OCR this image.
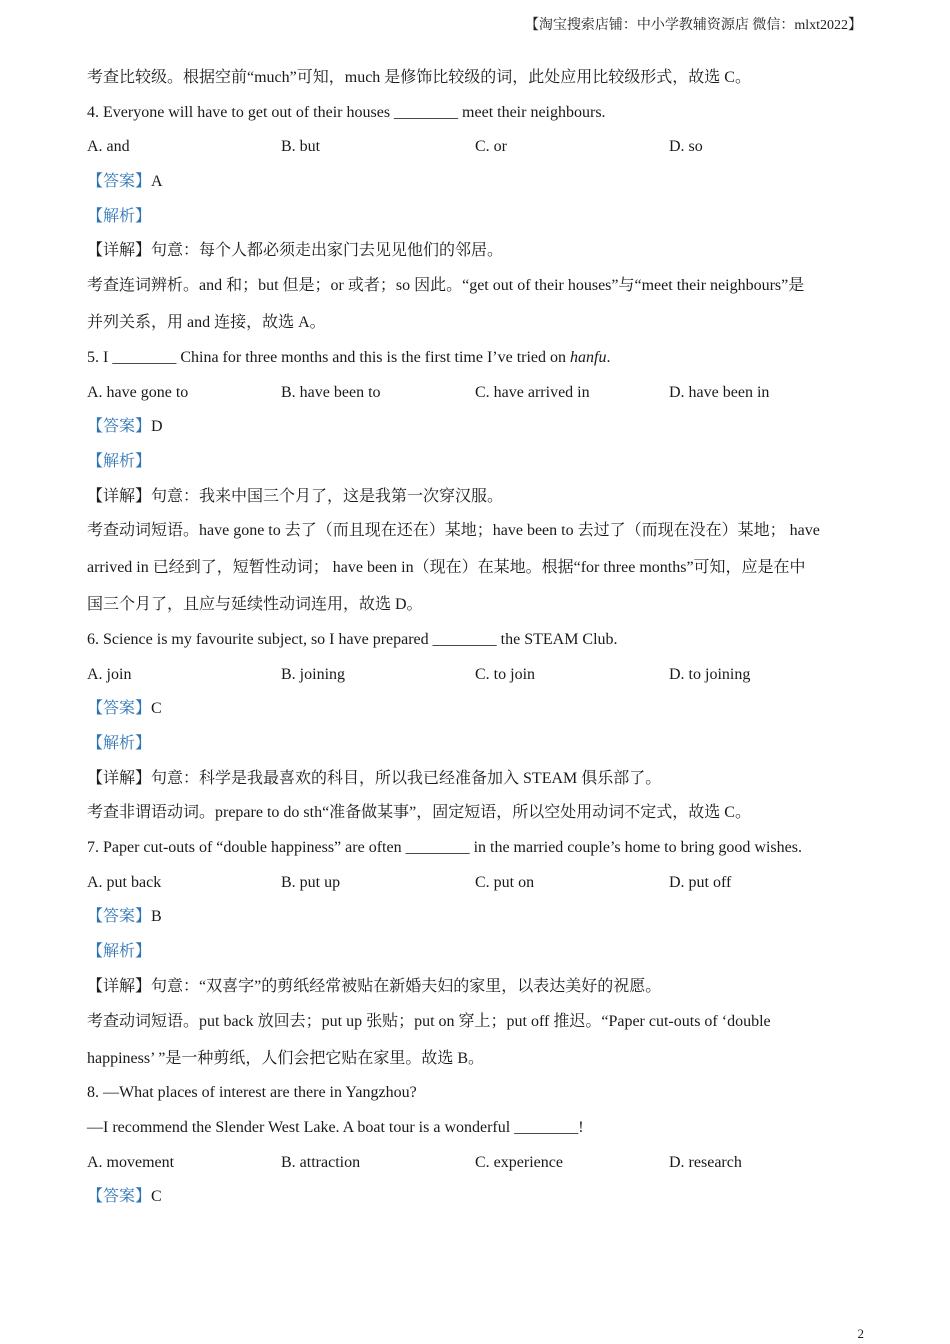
【淘宝搜索店铺：中小学教辅资源店 微信：mlxt2022】
考查比较级。根据空前“much”可知，much 是修饰比较级的词，此处应用比较级形式，故选 C。
4. Everyone will have to get out of their houses ________ meet their neighbours.
A. and	B. but	C. or	D. so
【答案】A
【解析】
【详解】句意：每个人都必须走出家门去见见他们的邻居。
考查连词辨析。and 和；but 但是；or 或者；so 因此。“get out of their houses”与“meet their neighbours”是
并列关系，用 and 连接，故选 A。
5. I ________ China for three months and this is the first time I’ve tried on hanfu.
A. have gone to	B. have been to	C. have arrived in	D. have been in
【答案】D
【解析】
【详解】句意：我来中国三个月了，这是我第一次穿汉服。
考查动词短语。have gone to 去了（而且现在还在）某地；have been to 去过了（而现在没在）某地； have
arrived in 已经到了，短暂性动词； have been in（现在）在某地。根据“for three months”可知，应是在中
国三个月了，且应与延续性动词连用，故选 D。
6. Science is my favourite subject, so I have prepared ________ the STEAM Club.
A. join	B. joining	C. to join	D. to joining
【答案】C
【解析】
【详解】句意：科学是我最喜欢的科目，所以我已经准备加入 STEAM 俱乐部了。
考查非谓语动词。prepare to do sth“准备做某事”，固定短语，所以空处用动词不定式，故选 C。
7. Paper cut-outs of “double happiness” are often ________ in the married couple’s home to bring good wishes.
A. put back	B. put up	C. put on	D. put off
【答案】B
【解析】
【详解】句意：“双喜字”的剪纸经常被贴在新婚夫妇的家里，以表达美好的祝愿。
考查动词短语。put back 放回去；put up 张贴；put on 穿上；put off 推迟。“Paper cut-outs of ‘double
happiness’ ”是一种剪纸，人们会把它贴在家里。故选 B。
8. —What places of interest are there in Yangzhou?
—I recommend the Slender West Lake. A boat tour is a wonderful ________!
A. movement	B. attraction	C. experience	D. research
【答案】C
2
